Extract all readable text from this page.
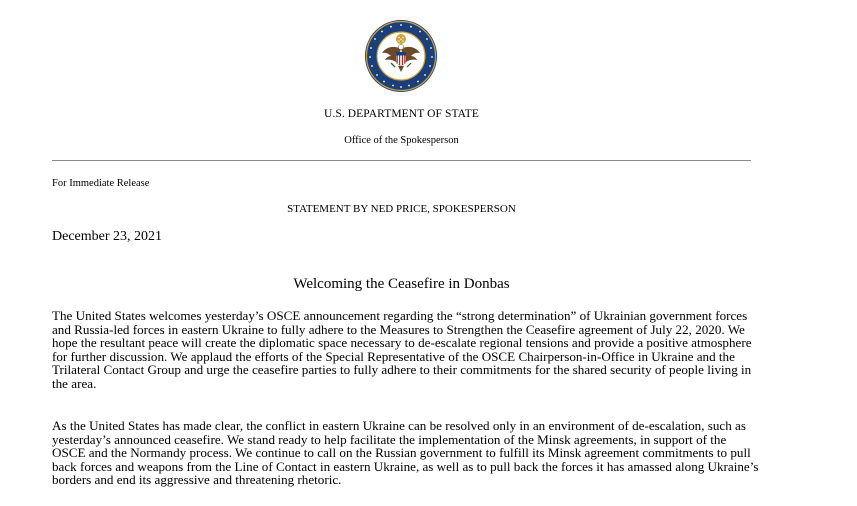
U.S. DEPARTMENT OF STATE
Office of the Spokesperson
For Immediate Release
STATEMENT BY NED PRICE, SPOKESPERSON
December 23, 2021
Welcoming the Ceasefire in Donbas
The United States welcomes yesterday’s OSCE announcement regarding the “strong determination” of Ukrainian government forces and Russia-led forces in eastern Ukraine to fully adhere to the Measures to Strengthen the Ceasefire agreement of July 22, 2020. We hope the resultant peace will create the diplomatic space necessary to de-escalate regional tensions and provide a positive atmosphere for further discussion. We applaud the efforts of the Special Representative of the OSCE Chairperson-in-Office in Ukraine and the Trilateral Contact Group and urge the ceasefire parties to fully adhere to their commitments for the shared security of people living in the area.
As the United States has made clear, the conflict in eastern Ukraine can be resolved only in an environment of de-escalation, such as yesterday’s announced ceasefire. We stand ready to help facilitate the implementation of the Minsk agreements, in support of the OSCE and the Normandy process. We continue to call on the Russian government to fulfill its Minsk agreement commitments to pull back forces and weapons from the Line of Contact in eastern Ukraine, as well as to pull back the forces it has amassed along Ukraine’s borders and end its aggressive and threatening rhetoric.
